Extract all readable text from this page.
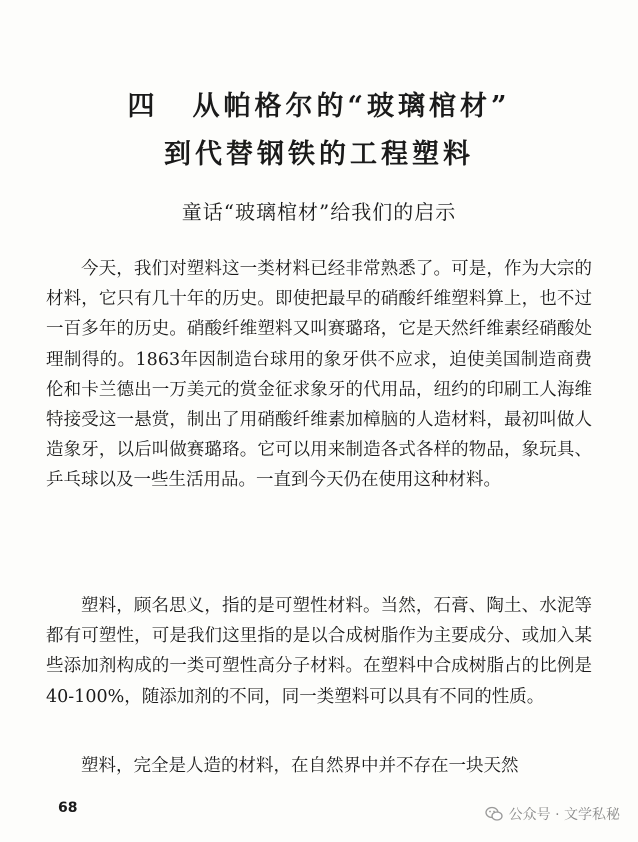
四 从帕格尔的“玻璃棺材”
到代替钢铁的工程塑料
童话“玻璃棺材”给我们的启示

今天，我们对塑料这一类材料已经非常熟悉了。可是，作为大宗的材料，它只有几十年的历史。即使把最早的硝酸纤维塑料算上，也不过一百多年的历史。硝酸纤维塑料又叫赛璐珞，它是天然纤维素经硝酸处理制得的。1863年因制造台球用的象牙供不应求，迫使美国制造商费伦和卡兰德出一万美元的赏金征求象牙的代用品，纽约的印刷工人海维特接受这一悬赏，制出了用硝酸纤维素加樟脑的人造材料，最初叫做人造象牙，以后叫做赛璐珞。它可以用来制造各式各样的物品，象玩具、乒乓球以及一些生活用品。一直到今天仍在使用这种材料。

塑料，顾名思义，指的是可塑性材料。当然，石膏、陶土、水泥等都有可塑性，可是我们这里指的是以合成树脂作为主要成分、或加入某些添加剂构成的一类可塑性高分子材料。在塑料中合成树脂占的比例是40-100%，随添加剂的不同，同一类塑料可以具有不同的性质。

塑料，完全是人造的材料，在自然界中并不存在一块天然

68	公众号 · 文学私秘
